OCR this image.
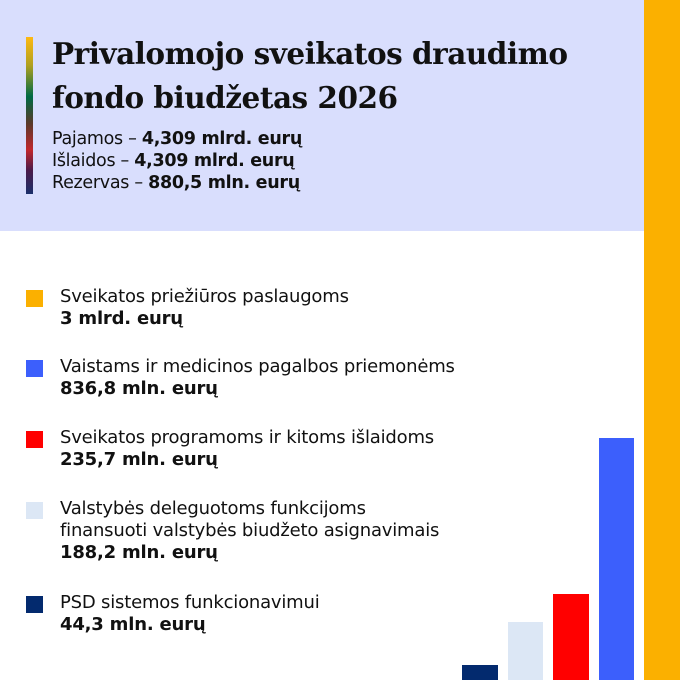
Privalomojo sveikatos draudimo
fondo biudžetas 2026
Pajamos – 4,309 mlrd. eurų
Išlaidos – 4,309 mlrd. eurų
Rezervas – 880,5 mln. eurų
Sveikatos priežiūros paslaugoms
3 mlrd. eurų
Vaistams ir medicinos pagalbos priemonėms
836,8 mln. eurų
Sveikatos programoms ir kitoms išlaidoms
235,7 mln. eurų
Valstybės deleguotoms funkcijoms
finansuoti valstybės biudžeto asignavimais
188,2 mln. eurų
PSD sistemos funkcionavimui
44,3 mln. eurų
